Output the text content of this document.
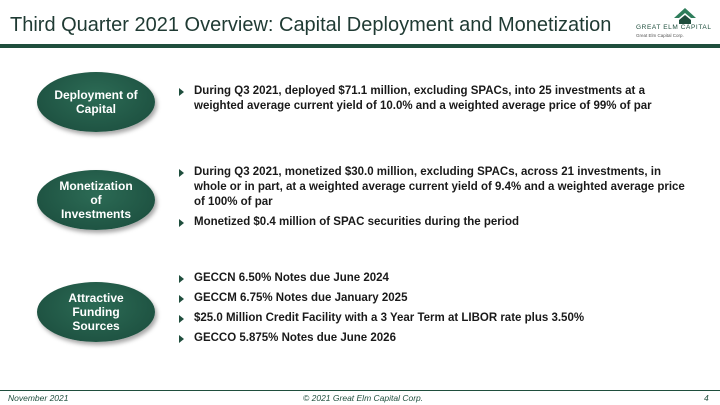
Third Quarter 2021 Overview: Capital Deployment and Monetization	GREAT ELM CAPITAL
Great Elm Capital Corp.
Deployment of
Capital
During Q3 2021, deployed $71.1 million, excluding SPACs, into 25 investments at a weighted average current yield of 10.0% and a weighted average price of 99% of par
Monetization
of
Investments
During Q3 2021, monetized $30.0 million, excluding SPACs, across 21 investments, in whole or in part, at a weighted average current yield of 9.4% and a weighted average price of 100% of par
Monetized $0.4 million of SPAC securities during the period
Attractive
Funding
Sources
GECCN 6.50% Notes due June 2024
GECCM 6.75% Notes due January 2025
$25.0 Million Credit Facility with a 3 Year Term at LIBOR rate plus 3.50%
GECCO 5.875% Notes due June 2026
November 2021	© 2021 Great Elm Capital Corp.	4
